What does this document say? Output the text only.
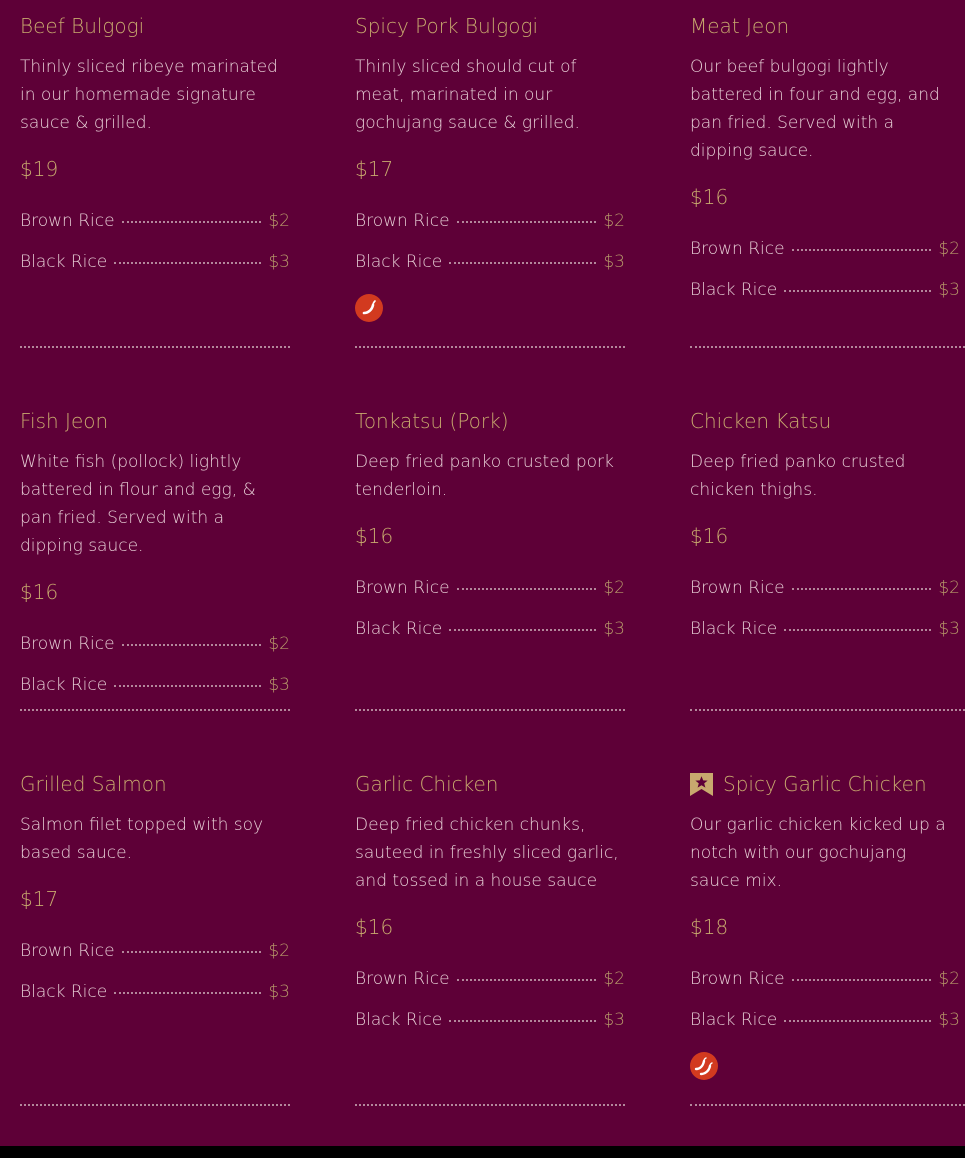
Beef Bulgogi
Thinly sliced ribeye marinated in our homemade signature sauce & grilled.
$19
Brown Rice	$2
Black Rice	$3
Spicy Pork Bulgogi
Thinly sliced should cut of meat, marinated in our gochujang sauce & grilled.
$17
Brown Rice	$2
Black Rice	$3
Meat Jeon
Our beef bulgogi lightly battered in four and egg, and pan fried. Served with a dipping sauce.
$16
Brown Rice	$2
Black Rice	$3
Fish Jeon
White fish (pollock) lightly battered in flour and egg, & pan fried. Served with a dipping sauce.
$16
Brown Rice	$2
Black Rice	$3
Tonkatsu (Pork)
Deep fried panko crusted pork tenderloin.
$16
Brown Rice	$2
Black Rice	$3
Chicken Katsu
Deep fried panko crusted chicken thighs.
$16
Brown Rice	$2
Black Rice	$3
Grilled Salmon
Salmon filet topped with soy based sauce.
$17
Brown Rice	$2
Black Rice	$3
Garlic Chicken
Deep fried chicken chunks, sauteed in freshly sliced garlic, and tossed in a house sauce
$16
Brown Rice	$2
Black Rice	$3
Spicy Garlic Chicken
Our garlic chicken kicked up a notch with our gochujang sauce mix.
$18
Brown Rice	$2
Black Rice	$3
